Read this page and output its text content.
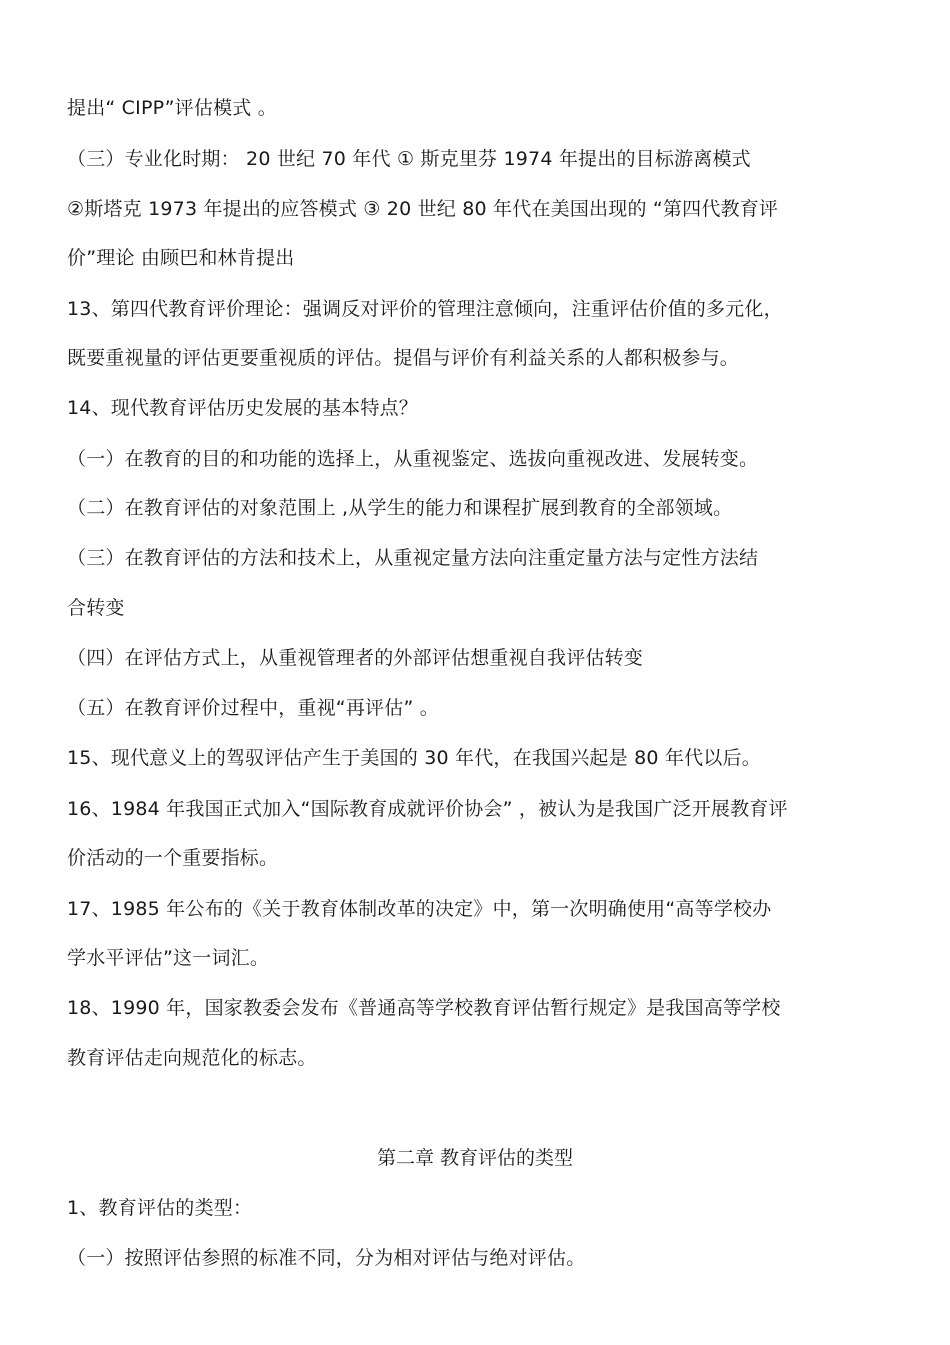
提出“ CIPP”评估模式 。
（三）专业化时期： 20 世纪 70 年代 ① 斯克里芬 1974 年提出的目标游离模式
②斯塔克 1973 年提出的应答模式 ③ 20 世纪 80 年代在美国出现的 “第四代教育评
价”理论 由顾巴和林肯提出
13、第四代教育评价理论：强调反对评价的管理注意倾向，注重评估价值的多元化，
既要重视量的评估更要重视质的评估。提倡与评价有利益关系的人都积极参与。
14、现代教育评估历史发展的基本特点？
（一）在教育的目的和功能的选择上，从重视鉴定、选拔向重视改进、发展转变。
（二）在教育评估的对象范围上 ,从学生的能力和课程扩展到教育的全部领域。
（三）在教育评估的方法和技术上，从重视定量方法向注重定量方法与定性方法结
合转变
（四）在评估方式上，从重视管理者的外部评估想重视自我评估转变
（五）在教育评价过程中，重视“再评估” 。
15、现代意义上的驾驭评估产生于美国的 30 年代，在我国兴起是 80 年代以后。
16、1984 年我国正式加入“国际教育成就评价协会” ，被认为是我国广泛开展教育评
价活动的一个重要指标。
17、1985 年公布的《关于教育体制改革的决定》中，第一次明确使用“高等学校办
学水平评估”这一词汇。
18、1990 年，国家教委会发布《普通高等学校教育评估暂行规定》是我国高等学校
教育评估走向规范化的标志。
第二章 教育评估的类型
1、教育评估的类型：
（一）按照评估参照的标准不同，分为相对评估与绝对评估。
